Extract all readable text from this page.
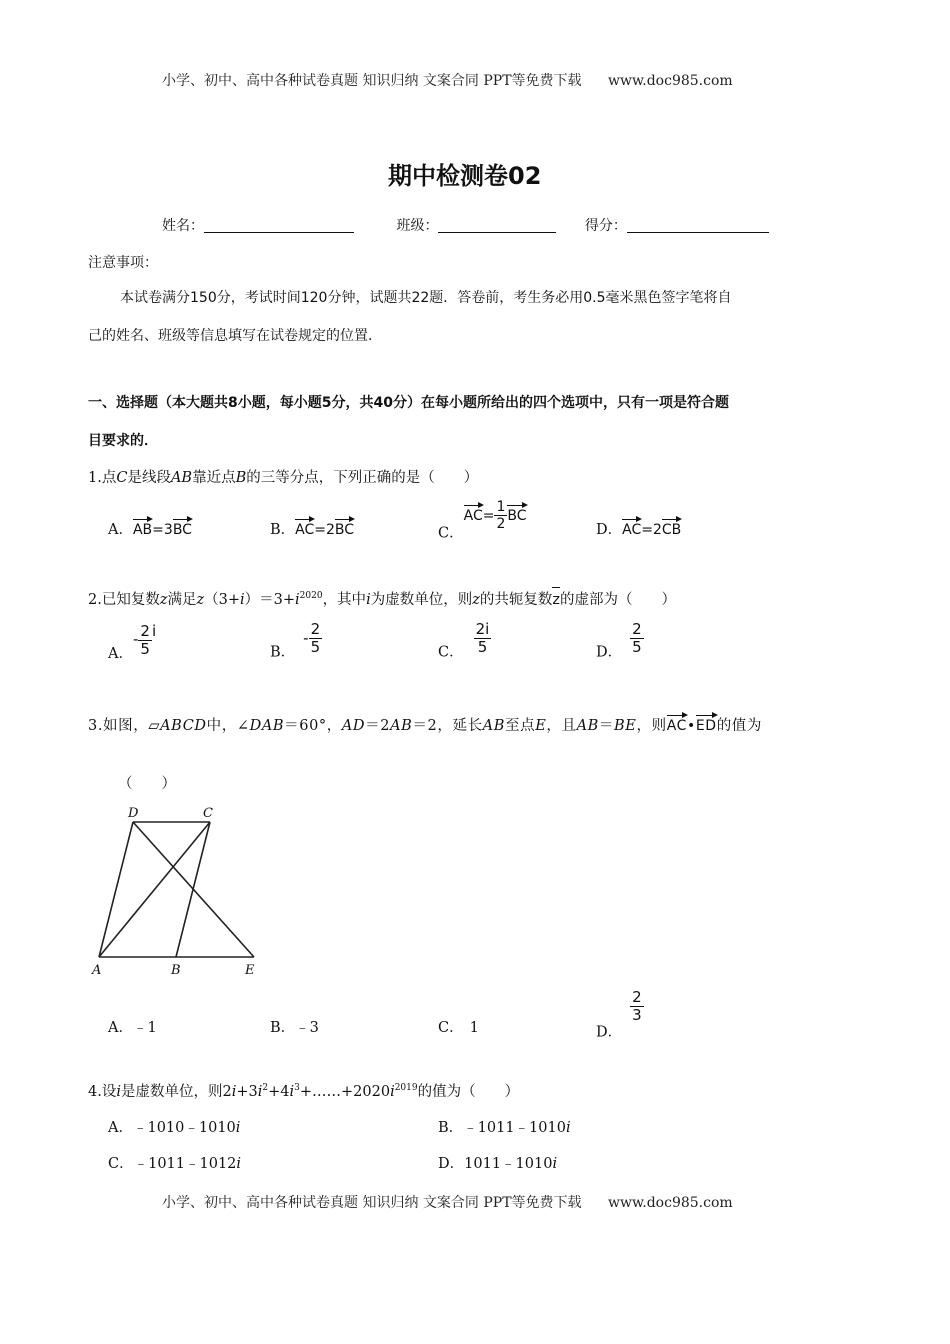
小学、初中、高中各种试卷真题 知识归纳 文案合同 PPT等免费下载 www.doc985.com
期中检测卷02
姓名：	班级：	得分：
注意事项：
本试卷满分150分，考试时间120分钟，试题共22题．答卷前，考生务必用0.5毫米黑色签字笔将自
己的姓名、班级等信息填写在试卷规定的位置．
一、选择题（本大题共8小题，每小题5分，共40分）在每小题所给出的四个选项中，只有一项是符合题
目要求的．
1.点C是线段AB靠近点B的三等分点，下列正确的是（　　）
A．AB=3BC	B．AC=2BC	C．$AC= \frac{1}{2}$ BC
D．AC=2CB
2.已知复数z满足$z(3+i)=3+i^{2020}$，其中i为虚数单位，则z的共轭复数z的虚部为（　　）
A．- $\frac{2}{5}$ i
B．- $\frac{2}{5}$	C． $\frac{2i}{5}$	D． $\frac{2}{5}$
3.如图，▱ABCD中，∠DAB＝60°，AD＝2AB＝2，延长AB至点E，且AB＝BE，则AC•ED的值为
（　　）
D	C
A	B	E
A．﹣1	B．﹣3	C． 1	D．
$\frac{2}{3}$
4.设i是虚数单位，则$2i+3i^2+4i^3+\dots\dots+2020i^{2019}$的值为（　　）
A．﹣1010﹣1010i	B．﹣1011﹣1010i
C．﹣1011﹣1012i	D．1011﹣1010i
小学、初中、高中各种试卷真题 知识归纳 文案合同 PPT等免费下载 www.doc985.com
